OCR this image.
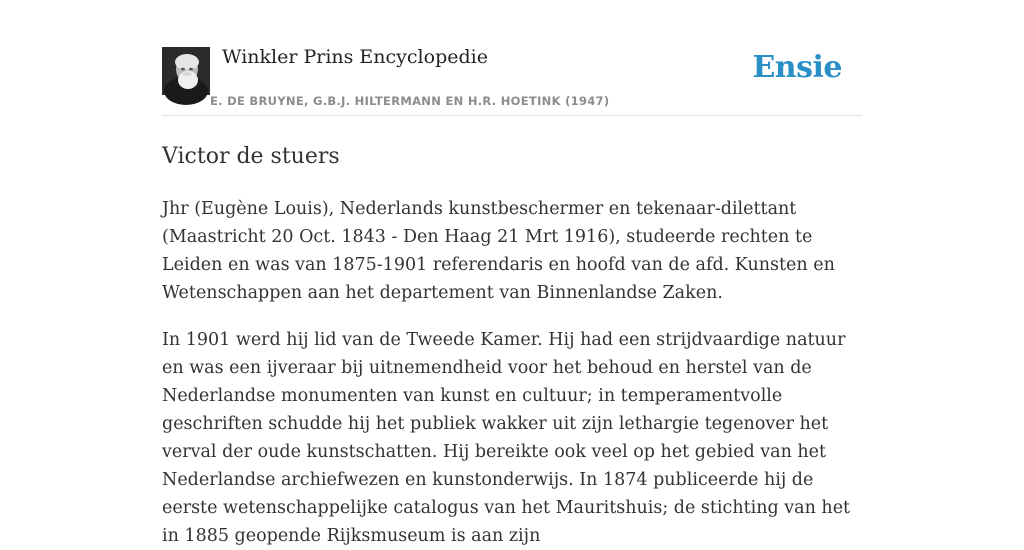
Winkler Prins Encyclopedie
E. DE BRUYNE, G.B.J. HILTERMANN EN H.R. HOETINK (1947)
Ensie
Victor de stuers

Jhr (Eugène Louis), Nederlands kunstbeschermer en tekenaar-dilettant (Maastricht 20 Oct. 1843 - Den Haag 21 Mrt 1916), studeerde rechten te Leiden en was van 1875-1901 referendaris en hoofd van de afd. Kunsten en Wetenschappen aan het departement van Binnenlandse Zaken.

In 1901 werd hij lid van de Tweede Kamer. Hij had een strijdvaardige natuur en was een ijveraar bij uitnemendheid voor het behoud en herstel van de Nederlandse monumenten van kunst en cultuur; in temperamentvolle geschriften schudde hij het publiek wakker uit zijn lethargie tegenover het verval der oude kunstschatten. Hij bereikte ook veel op het gebied van het Nederlandse archiefwezen en kunstonderwijs. In 1874 publiceerde hij de eerste wetenschappelijke catalogus van het Mauritshuis; de stichting van het in 1885 geopende Rijksmuseum is aan zijn
